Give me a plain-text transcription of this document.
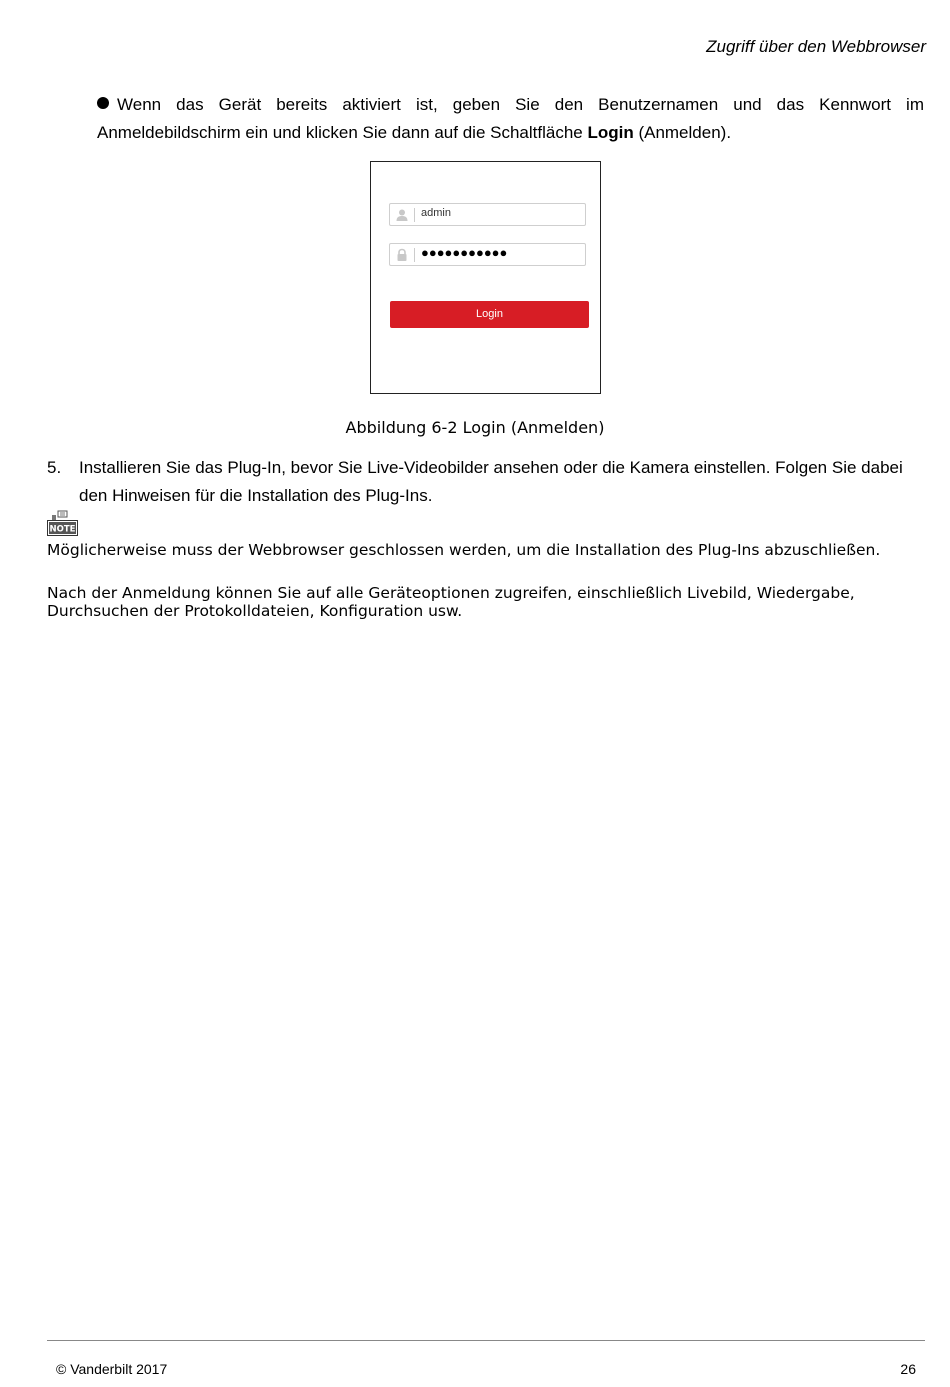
Zugriff über den Webbrowser
Wenn das Gerät bereits aktiviert ist, geben Sie den Benutzernamen und das Kennwort im Anmeldebildschirm ein und klicken Sie dann auf die Schaltfläche Login (Anmelden).
admin
●●●●●●●●●●●
Login
Abbildung 6-2 Login (Anmelden)
5. Installieren Sie das Plug-In, bevor Sie Live-Videobilder ansehen oder die Kamera einstellen. Folgen Sie dabei den Hinweisen für die Installation des Plug-Ins.
NOTE
Möglicherweise muss der Webbrowser geschlossen werden, um die Installation des Plug-Ins abzuschließen.
Nach der Anmeldung können Sie auf alle Geräteoptionen zugreifen, einschließlich Livebild, Wiedergabe, Durchsuchen der Protokolldateien, Konfiguration usw.
© Vanderbilt 2017	26
